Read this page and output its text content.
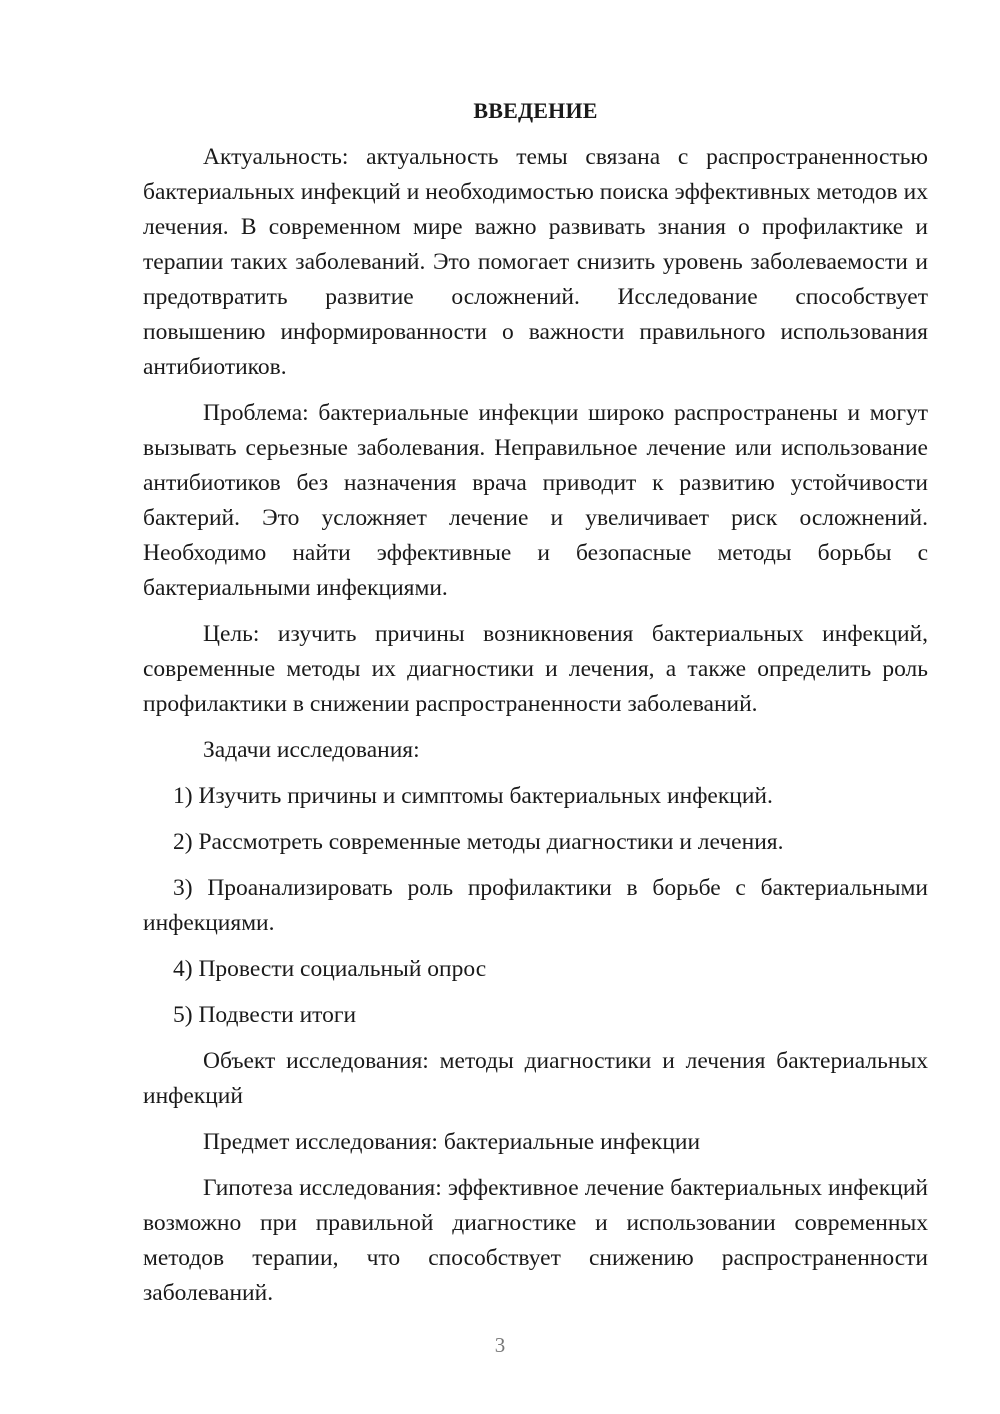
ВВЕДЕНИЕ

Актуальность: актуальность темы связана с распространенностью бактериальных инфекций и необходимостью поиска эффективных методов их лечения. В современном мире важно развивать знания о профилактике и терапии таких заболеваний. Это помогает снизить уровень заболеваемости и предотвратить развитие осложнений. Исследование способствует повышению информированности о важности правильного использования антибиотиков.

Проблема: бактериальные инфекции широко распространены и могут вызывать серьезные заболевания. Неправильное лечение или использование антибиотиков без назначения врача приводит к развитию устойчивости бактерий. Это усложняет лечение и увеличивает риск осложнений. Необходимо найти эффективные и безопасные методы борьбы с бактериальными инфекциями.

Цель: изучить причины возникновения бактериальных инфекций, современные методы их диагностики и лечения, а также определить роль профилактики в снижении распространенности заболеваний.

Задачи исследования:

1) Изучить причины и симптомы бактериальных инфекций.

2) Рассмотреть современные методы диагностики и лечения.

3) Проанализировать роль профилактики в борьбе с бактериальными инфекциями.

4) Провести социальный опрос

5) Подвести итоги

Объект исследования: методы диагностики и лечения бактериальных инфекций

Предмет исследования: бактериальные инфекции

Гипотеза исследования: эффективное лечение бактериальных инфекций возможно при правильной диагностике и использовании современных методов терапии, что способствует снижению распространенности заболеваний.

3
